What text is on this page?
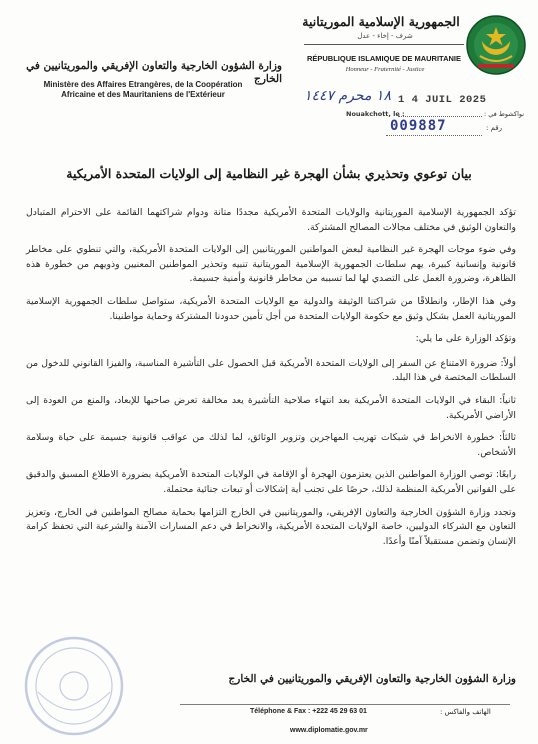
وزارة الشؤون الخارجية والتعاون الإفريقي والموريتانيين في الخارج
Ministère des Affaires Etrangères, de la Coopération Africaine et des Mauritaniens de l'Extérieur
الجمهورية الإسلامية الموريتانية
شرف - إخاء - عدل
RÉPUBLIQUE ISLAMIQUE DE MAURITANIE
Honneur - Fraternité - Justice
١٨ محرم ١٤٤٧ 1 4 JUIL 2025
Nouakchott, le :	نواكشوط في :
009887	رقم :
بيان توعوي وتحذيري بشأن الهجرة غير النظامية إلى الولايات المتحدة الأمريكية

تؤكد الجمهورية الإسلامية الموريتانية والولايات المتحدة الأمريكية مجددًا متانة ودوام شراكتهما القائمة على الاحترام المتبادل والتعاون الوثيق في مختلف مجالات المصالح المشتركة.

وفي ضوء موجات الهجرة غير النظامية لبعض المواطنين الموريتانيين إلى الولايات المتحدة الأمريكية، والتي تنطوي على مخاطر قانونية وإنسانية كبيرة، يهم سلطات الجمهورية الإسلامية الموريتانية تنبيه وتحذير المواطنين المعنيين وذويهم من خطورة هذه الظاهرة، وضرورة العمل على التصدي لها لما تسببه من مخاطر قانونية وأمنية جسيمة.

وفي هذا الإطار، وانطلاقًا من شراكتنا الوثيقة والدولية مع الولايات المتحدة الأمريكية، ستواصل سلطات الجمهورية الإسلامية الموريتانية العمل بشكل وثيق مع حكومة الولايات المتحدة من أجل تأمين حدودنا المشتركة وحماية مواطنينا.

وتؤكد الوزارة على ما يلي:

أولاً: ضرورة الامتناع عن السفر إلى الولايات المتحدة الأمريكية قبل الحصول على التأشيرة المناسبة، والفيزا القانوني للدخول من السلطات المختصة في هذا البلد.

ثانياً: البقاء في الولايات المتحدة الأمريكية بعد انتهاء صلاحية التأشيرة يعد مخالفة تعرض صاحبها للإبعاد، والمنع من العودة إلى الأراضي الأمريكية.

ثالثاً: خطورة الانخراط في شبكات تهريب المهاجرين وتزوير الوثائق، لما لذلك من عواقب قانونية جسيمة على حياة وسلامة الأشخاص.

رابعًا: توصي الوزارة المواطنين الذين يعتزمون الهجرة أو الإقامة في الولايات المتحدة الأمريكية بضرورة الاطلاع المسبق والدقيق على القوانين الأمريكية المنظمة لذلك، حرصًا على تجنب أية إشكالات أو تبعات جنائية محتملة.

وتجدد وزارة الشؤون الخارجية والتعاون الإفريقي، والموريتانيين في الخارج التزامها بحماية مصالح المواطنين في الخارج، وتعزيز التعاون مع الشركاء الدوليين، خاصة الولايات المتحدة الأمريكية، والانخراط في دعم المسارات الآمنة والشرعية التي تحفظ كرامة الإنسان وتضمن مستقبلاً آمنًا وأعدًا.

وزارة الشؤون الخارجية والتعاون الإفريقي والموريتانيين في الخارج
Téléphone & Fax : +222 45 29 63 01	الهاتف والفاكس :
www.diplomatie.gov.mr
